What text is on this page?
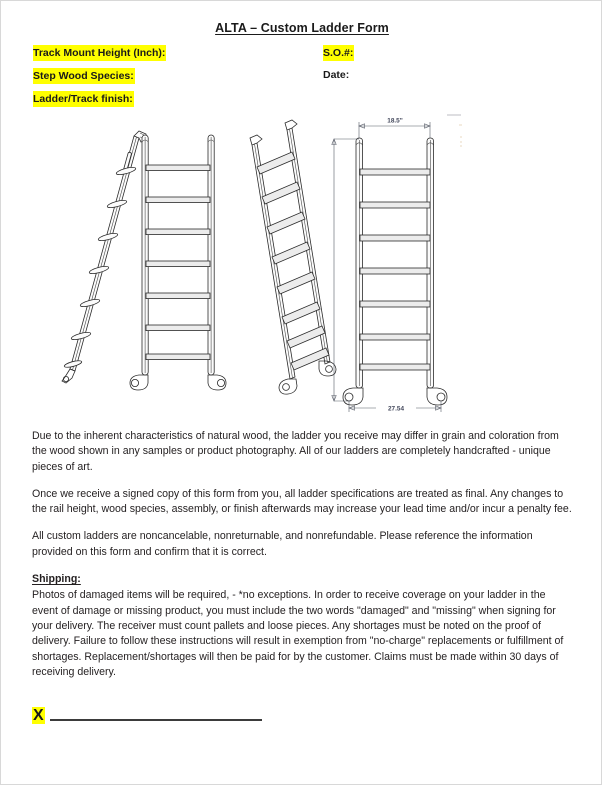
ALTA – Custom Ladder Form
Track Mount Height (Inch):	S.O.#:
Step Wood Species:	Date:
Ladder/Track finish:
18.5"
27.54

Due to the inherent characteristics of natural wood, the ladder you receive may differ in grain and coloration from the wood shown in any samples or product photography. All of our ladders are completely handcrafted - unique pieces of art.

Once we receive a signed copy of this form from you, all ladder specifications are treated as final. Any changes to the rail height, wood species, assembly, or finish afterwards may increase your lead time and/or incur a penalty fee.

All custom ladders are noncancelable, nonreturnable, and nonrefundable. Please reference the information provided on this form and confirm that it is correct.

Shipping:

Photos of damaged items will be required, - *no exceptions. In order to receive coverage on your ladder in the event of damage or missing product, you must include the two words "damaged" and "missing" when signing for your delivery. The receiver must count pallets and loose pieces. Any shortages must be noted on the proof of delivery. Failure to follow these instructions will result in exemption from "no-charge" replacements or fulfillment of shortages. Replacement/shortages will then be paid for by the customer. Claims must be made within 30 days of receiving delivery.

X
